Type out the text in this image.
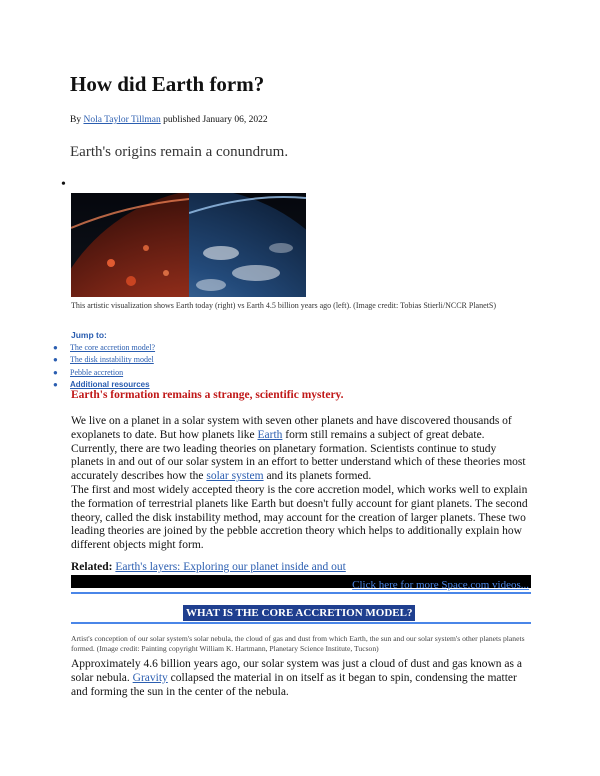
How did Earth form?
By Nola Taylor Tillman published January 06, 2022
Earth's origins remain a conundrum.
•
This artistic visualization shows Earth today (right) vs Earth 4.5 billion years ago (left). (Image credit: Tobias Stierli/NCCR PlanetS)
Jump to:
● The core accretion model?
● The disk instability model
● Pebble accretion
● Additional resources
Earth's formation remains a strange, scientific mystery.
We live on a planet in a solar system with seven other planets and have discovered thousands of exoplanets to date. But how planets like Earth form still remains a subject of great debate. Currently, there are two leading theories on planetary formation. Scientists continue to study planets in and out of our solar system in an effort to better understand which of these theories most accurately describes how the solar system and its planets formed.
The first and most widely accepted theory is the core accretion model, which works well to explain the formation of terrestrial planets like Earth but doesn't fully account for giant planets. The second theory, called the disk instability method, may account for the creation of larger planets. These two leading theories are joined by the pebble accretion theory which helps to additionally explain how different objects might form.
Related: Earth's layers: Exploring our planet inside and out
Click here for more Space.com videos...
WHAT IS THE CORE ACCRETION MODEL?
Artist's conception of our solar system's solar nebula, the cloud of gas and dust from which Earth, the sun and our solar system's other planets planets formed. (Image credit: Painting copyright William K. Hartmann, Planetary Science Institute, Tucson)
Approximately 4.6 billion years ago, our solar system was just a cloud of dust and gas known as a solar nebula. Gravity collapsed the material in on itself as it began to spin, condensing the matter and forming the sun in the center of the nebula.
